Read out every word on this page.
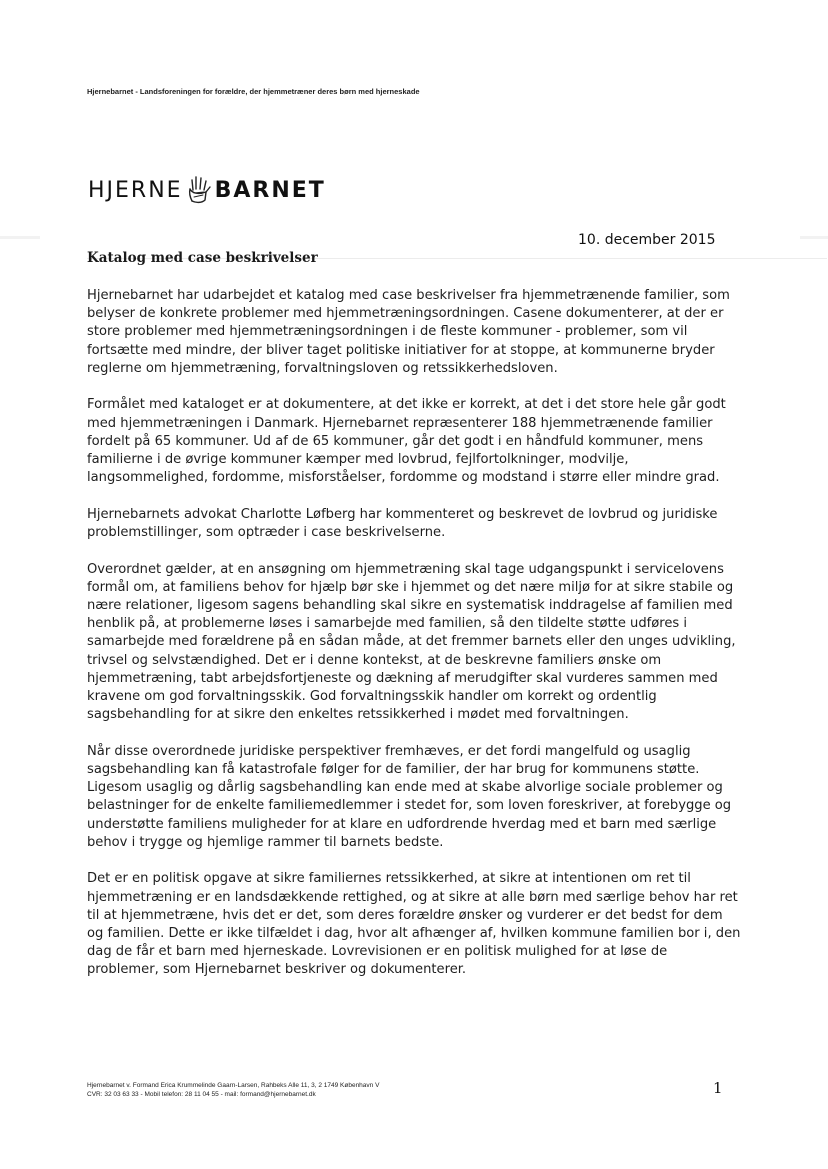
Hjernebarnet - Landsforeningen for forældre, der hjemmetræner deres børn med hjerneskade
HJERNE BARNET
10. december 2015
Katalog med case beskrivelser

Hjernebarnet har udarbejdet et katalog med case beskrivelser fra hjemmetrænende familier, som belyser de konkrete problemer med hjemmetræningsordningen. Casene dokumenterer, at der er store problemer med hjemmetræningsordningen i de fleste kommuner - problemer, som vil fortsætte med mindre, der bliver taget politiske initiativer for at stoppe, at kommunerne bryder reglerne om hjemmetræning, forvaltningsloven og retssikkerhedsloven.

Formålet med kataloget er at dokumentere, at det ikke er korrekt, at det i det store hele går godt med hjemmetræningen i Danmark. Hjernebarnet repræsenterer 188 hjemmetrænende familier fordelt på 65 kommuner. Ud af de 65 kommuner, går det godt i en håndfuld kommuner, mens familierne i de øvrige kommuner kæmper med lovbrud, fejlfortolkninger, modvilje, langsommelighed, fordomme, misforståelser, fordomme og modstand i større eller mindre grad.

Hjernebarnets advokat Charlotte Løfberg har kommenteret og beskrevet de lovbrud og juridiske problemstillinger, som optræder i case beskrivelserne.

Overordnet gælder, at en ansøgning om hjemmetræning skal tage udgangspunkt i servicelovens formål om, at familiens behov for hjælp bør ske i hjemmet og det nære miljø for at sikre stabile og nære relationer, ligesom sagens behandling skal sikre en systematisk inddragelse af familien med henblik på, at problemerne løses i samarbejde med familien, så den tildelte støtte udføres i samarbejde med forældrene på en sådan måde, at det fremmer barnets eller den unges udvikling, trivsel og selvstændighed. Det er i denne kontekst, at de beskrevne familiers ønske om hjemmetræning, tabt arbejdsfortjeneste og dækning af merudgifter skal vurderes sammen med kravene om god forvaltningsskik. God forvaltningsskik handler om korrekt og ordentlig sagsbehandling for at sikre den enkeltes retssikkerhed i mødet med forvaltningen.

Når disse overordnede juridiske perspektiver fremhæves, er det fordi mangelfuld og usaglig sagsbehandling kan få katastrofale følger for de familier, der har brug for kommunens støtte. Ligesom usaglig og dårlig sagsbehandling kan ende med at skabe alvorlige sociale problemer og belastninger for de enkelte familiemedlemmer i stedet for, som loven foreskriver, at forebygge og understøtte familiens muligheder for at klare en udfordrende hverdag med et barn med særlige behov i trygge og hjemlige rammer til barnets bedste.

Det er en politisk opgave at sikre familiernes retssikkerhed, at sikre at intentionen om ret til hjemmetræning er en landsdækkende rettighed, og at sikre at alle børn med særlige behov har ret til at hjemmetræne, hvis det er det, som deres forældre ønsker og vurderer er det bedst for dem og familien. Dette er ikke tilfældet i dag, hvor alt afhænger af, hvilken kommune familien bor i, den dag de får et barn med hjerneskade. Lovrevisionen er en politisk mulighed for at løse de problemer, som Hjernebarnet beskriver og dokumenterer.

Hjernebarnet v. Formand Erica Krummelinde Gaarn-Larsen, Rahbeks Alle 11, 3, 2 1749 København V
CVR: 32 03 63 33 - Mobil telefon: 28 11 04 55 - mail: formand@hjernebarnet.dk	1
